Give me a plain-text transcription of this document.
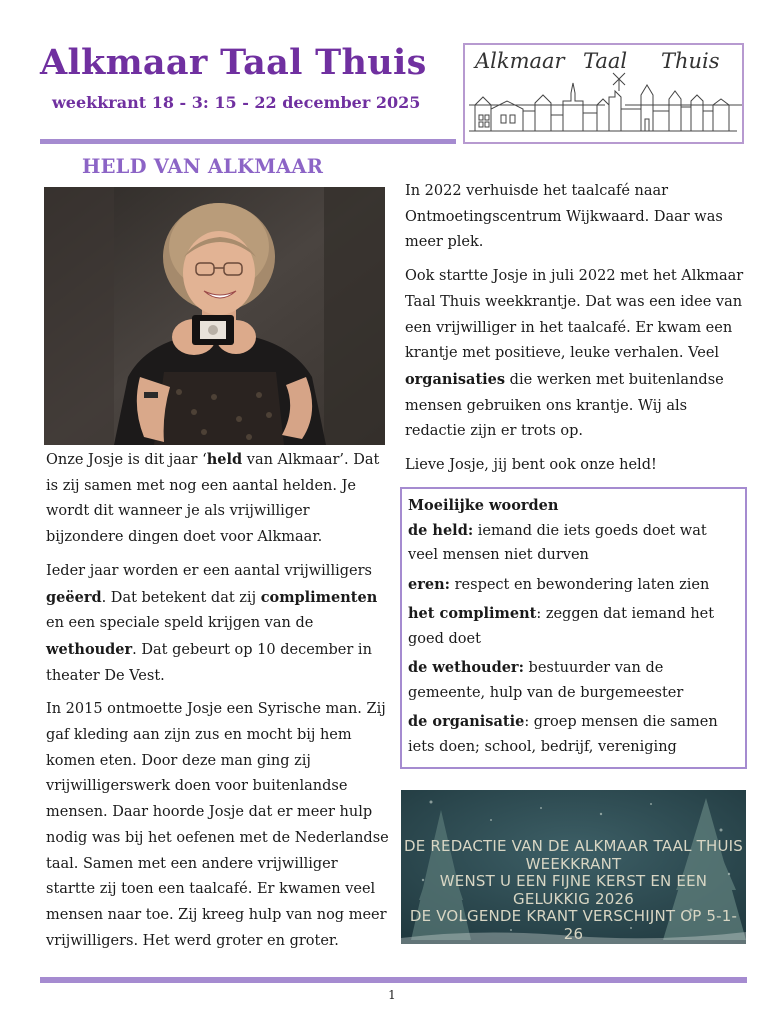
Alkmaar Taal Thuis
weekkrant 18 - 3: 15 - 22 december 2025
Alkmaar Taal Thuis
HELD VAN ALKMAAR

Onze Josje is dit jaar ‘held van Alkmaar’. Dat is zij samen met nog een aantal helden. Je wordt dit wanneer je als vrijwilliger bijzondere dingen doet voor Alkmaar.

Ieder jaar worden er een aantal vrijwilligers geëerd. Dat betekent dat zij complimenten en een speciale speld krijgen van de wethouder. Dat gebeurt op 10 december in theater De Vest.

In 2015 ontmoette Josje een Syrische man. Zij gaf kleding aan zijn zus en mocht bij hem komen eten. Door deze man ging zij vrijwilligerswerk doen voor buitenlandse mensen. Daar hoorde Josje dat er meer hulp nodig was bij het oefenen met de Nederlandse taal. Samen met een andere vrijwilliger startte zij toen een taalcafé. Er kwamen veel mensen naar toe. Zij kreeg hulp van nog meer vrijwilligers. Het werd groter en groter.

In 2022 verhuisde het taalcafé naar Ontmoetingscentrum Wijkwaard. Daar was meer plek.

Ook startte Josje in juli 2022 met het Alkmaar Taal Thuis weekkrantje. Dat was een idee van een vrijwilliger in het taalcafé. Er kwam een krantje met positieve, leuke verhalen. Veel organisaties die werken met buitenlandse mensen gebruiken ons krantje. Wij als redactie zijn er trots op.

Lieve Josje, jij bent ook onze held!

Moeilijke woorden
de held: iemand die iets goeds doet wat veel mensen niet durven
eren: respect en bewondering laten zien
het compliment: zeggen dat iemand het goed doet
de wethouder: bestuurder van de gemeente, hulp van de burgemeester
de organisatie: groep mensen die samen iets doen; school, bedrijf, vereniging
DE REDACTIE VAN DE ALKMAAR TAAL THUIS WEEKKRANT
WENST U EEN FIJNE KERST EN EEN GELUKKIG 2026
DE VOLGENDE KRANT VERSCHIJNT OP 5-1-26
1
